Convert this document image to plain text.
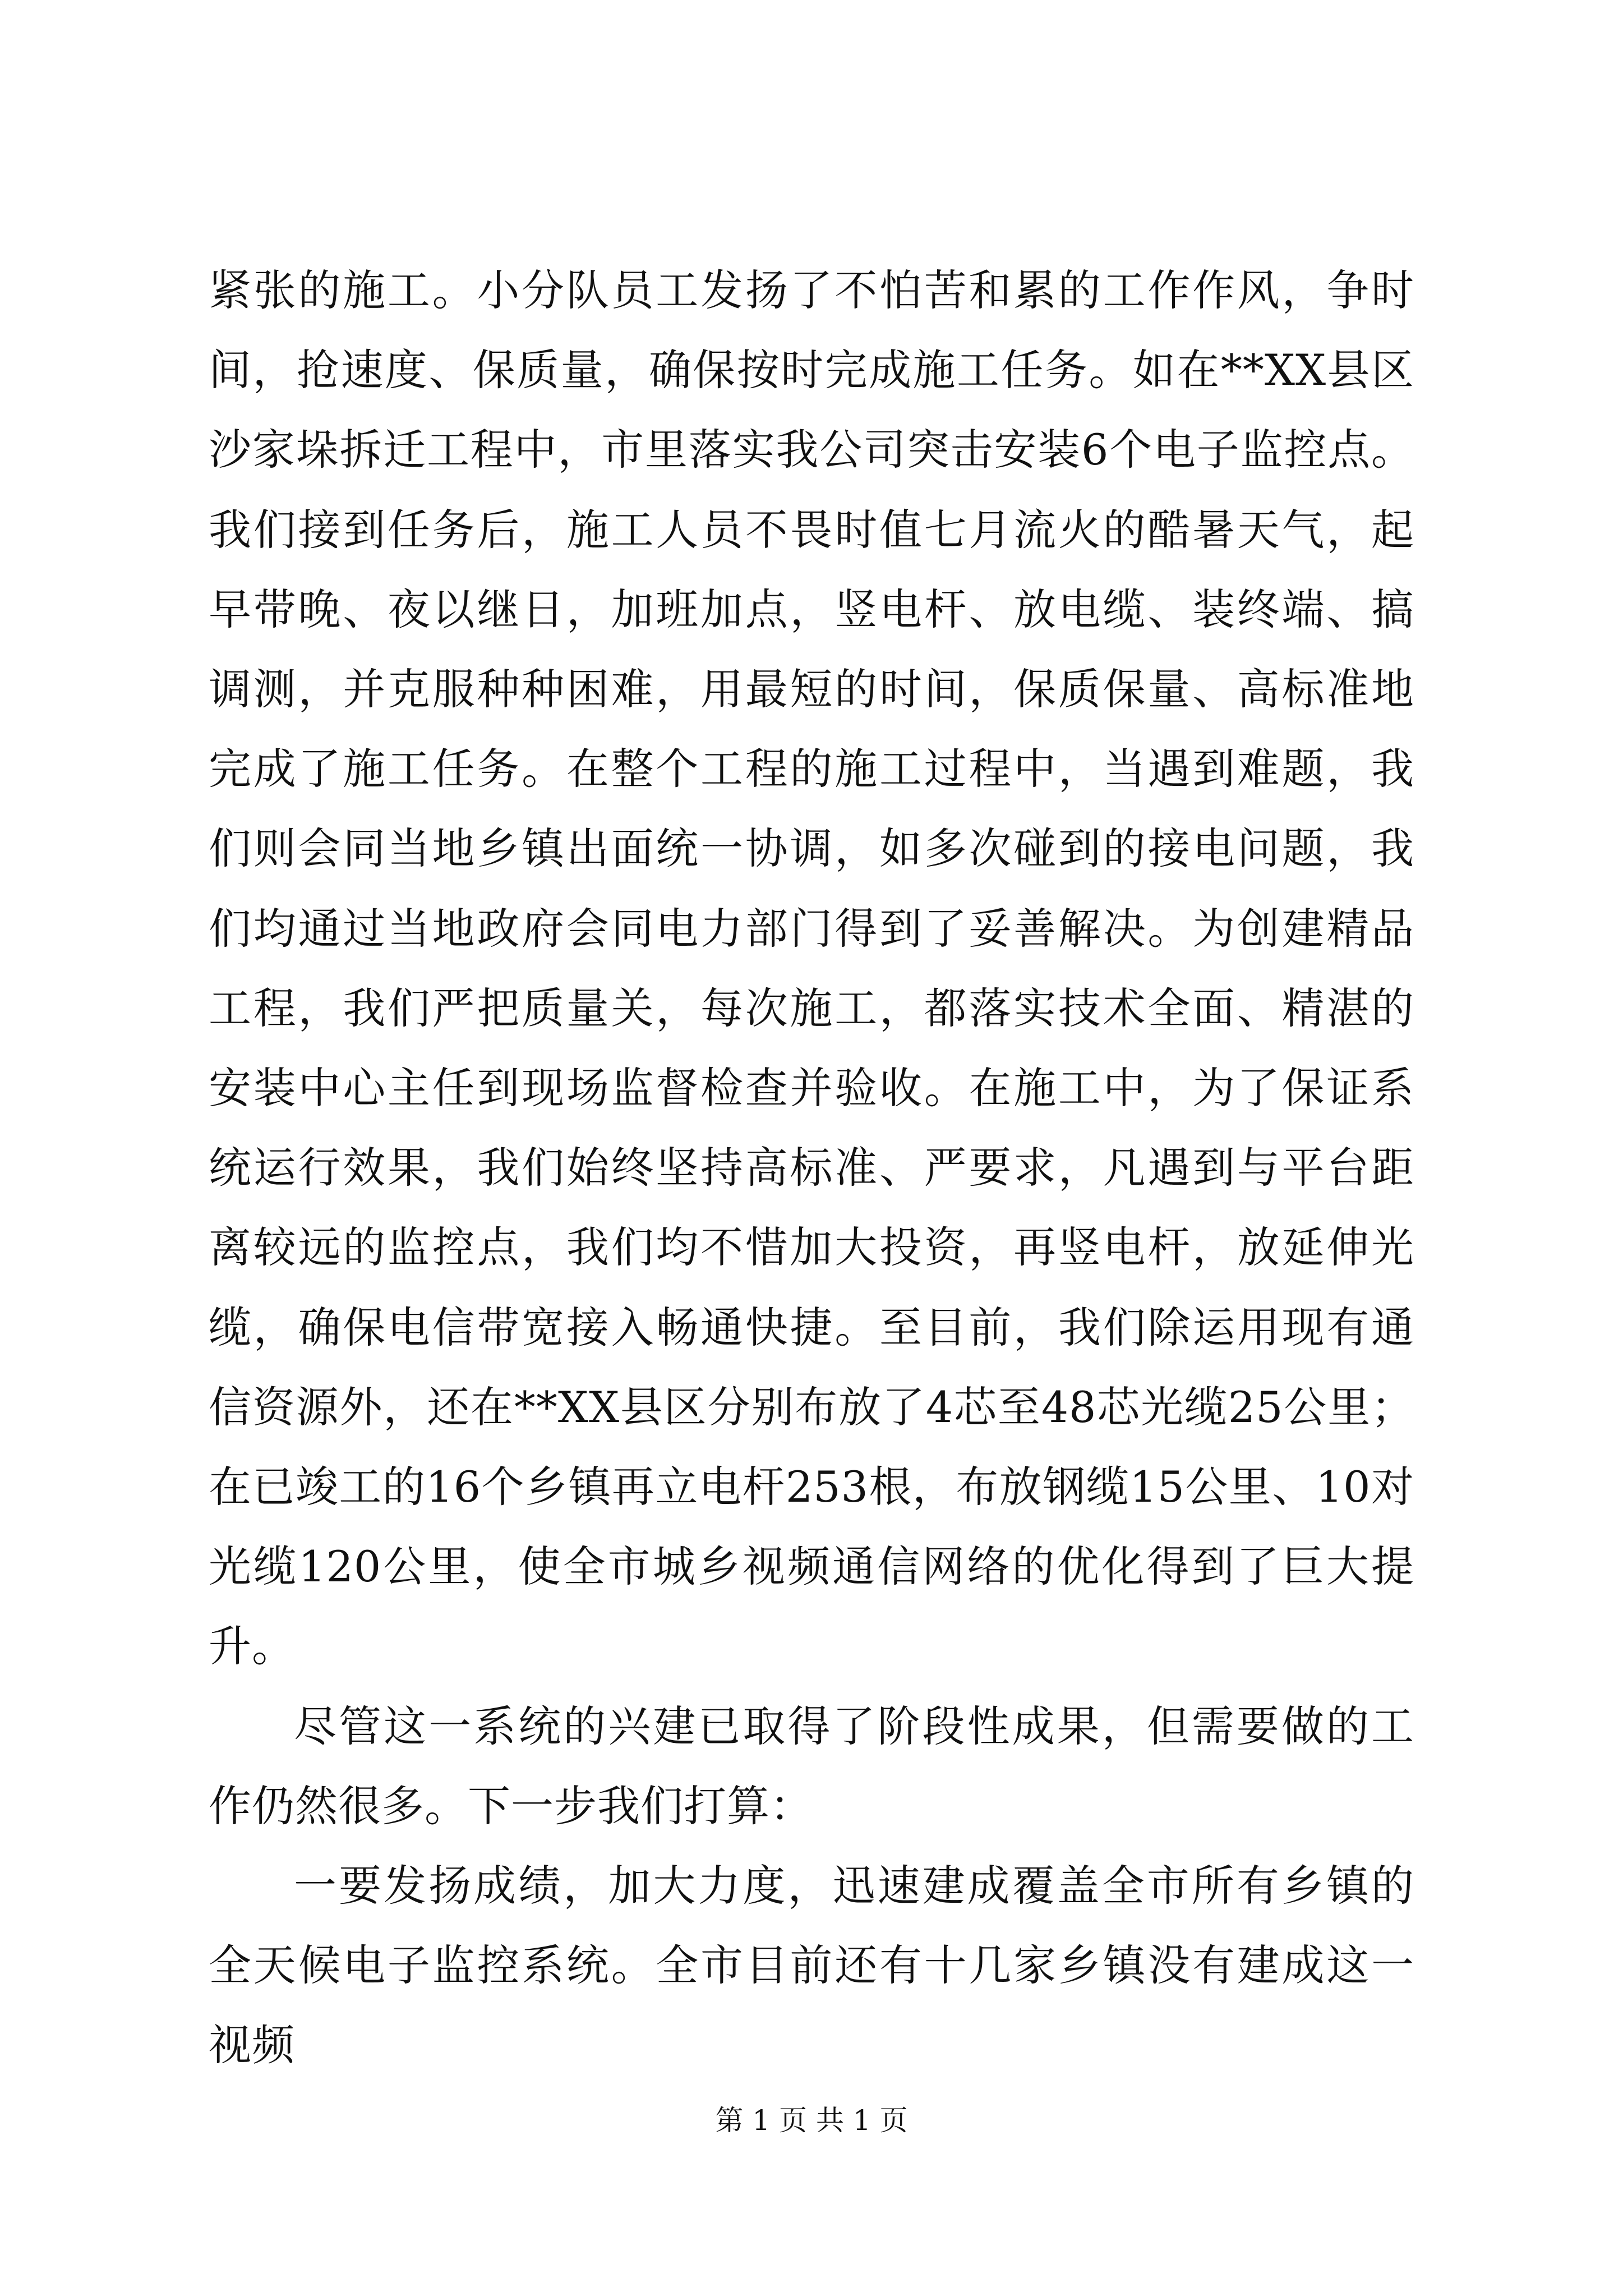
紧张的施工。小分队员工发扬了不怕苦和累的工作作风，争时间，抢速度、保质量，确保按时完成施工任务。如在**XX县区沙家垛拆迁工程中，市里落实我公司突击安装6个电子监控点。我们接到任务后，施工人员不畏时值七月流火的酷暑天气，起早带晚、夜以继日，加班加点，竖电杆、放电缆、装终端、搞调测，并克服种种困难，用最短的时间，保质保量、高标准地完成了施工任务。在整个工程的施工过程中，当遇到难题，我们则会同当地乡镇出面统一协调，如多次碰到的接电问题，我们均通过当地政府会同电力部门得到了妥善解决。为创建精品工程，我们严把质量关，每次施工，都落实技术全面、精湛的安装中心主任到现场监督检查并验收。在施工中，为了保证系统运行效果，我们始终坚持高标准、严要求，凡遇到与平台距离较远的监控点，我们均不惜加大投资，再竖电杆，放延伸光缆，确保电信带宽接入畅通快捷。至目前，我们除运用现有通信资源外，还在**XX县区分别布放了4芯至48芯光缆25公里；在已竣工的16个乡镇再立电杆253根，布放钢缆15公里、10对光缆120公里，使全市城乡视频通信网络的优化得到了巨大提升。

尽管这一系统的兴建已取得了阶段性成果，但需要做的工作仍然很多。下一步我们打算：

一要发扬成绩，加大力度，迅速建成覆盖全市所有乡镇的全天候电子监控系统。全市目前还有十几家乡镇没有建成这一视频

第 1 页 共 1 页
